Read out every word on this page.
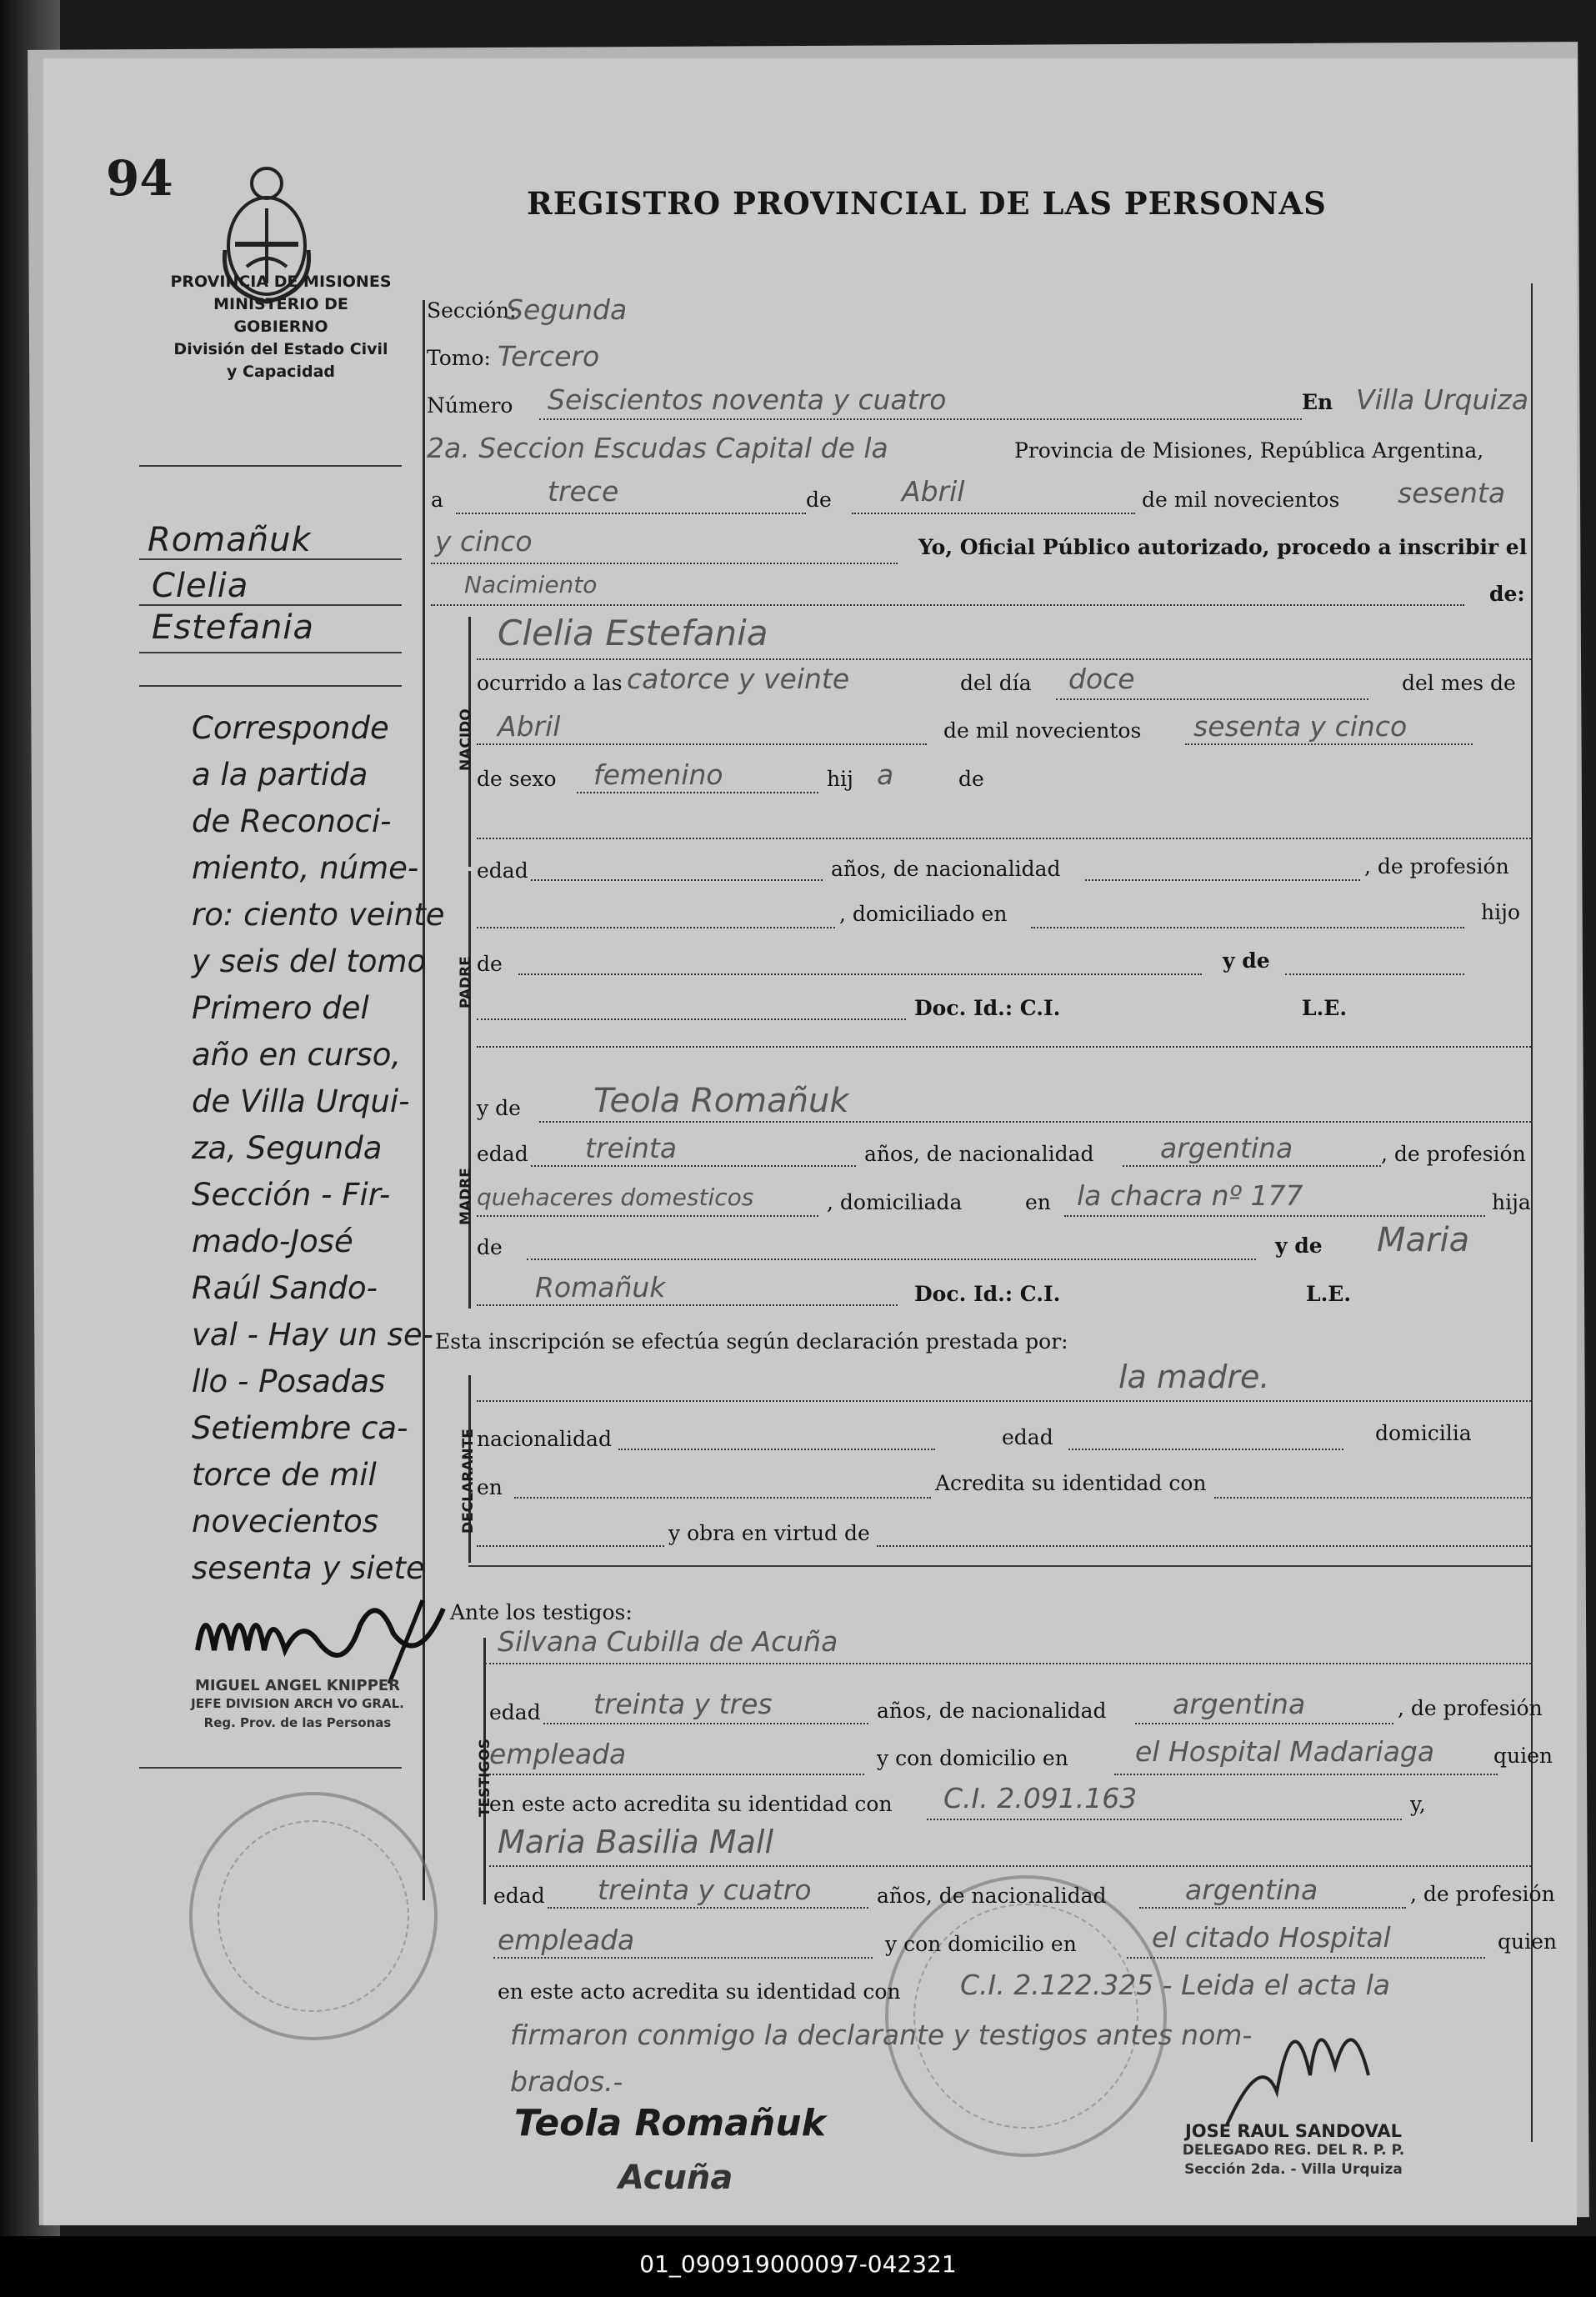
94	REGISTRO PROVINCIAL DE LAS PERSONAS
PROVINCIA DE MISIONES
MINISTERIO DE GOBIERNO
División del Estado Civil
y Capacidad
Romañuk
Clelia
Estefania
Corresponde
a la partida
de Reconoci-
miento, núme-
ro: ciento veinte
y seis del tomo
Primero del
año en curso,
de Villa Urqui-
za, Segunda
Sección - Fir-
mado-José
Raúl Sando-
val - Hay un se-
llo - Posadas
Setiembre ca-
torce de mil
novecientos
sesenta y siete
MIGUEL ANGEL KNIPPER
JEFE DIVISION ARCH VO GRAL.
Reg. Prov. de las Personas
Sección:
Segunda
Tomo: Tercero
Número Seiscientos noventa y cuatro	En Villa Urquiza
2a. Seccion Escudas Capital de la	Provincia de Misiones, República Argentina,
a	trece	de	Abril	de mil novecientos sesenta
y cinco	Yo, Oficial Público autorizado, procedo a inscribir el
Nacimiento	de:
NACIDO
Clelia Estefania
ocurrido a las catorce y veinte	del día doce	del mes de
Abril	de mil novecientos sesenta y cinco
de sexo femenino	hij a	de
PADRE
edad	años, de nacionalidad	, de profesión
, domiciliado en	hijo
de	y de
Doc. Id.: C.I.	L.E.
MADRE
y de Teola Romañuk
edad treinta	años, de nacionalidad argentina	, de profesión
quehaceres domesticos	, domiciliada	en la chacra nº 177	hija
de	y de Maria
Romañuk	Doc. Id.: C.I.	L.E.
Esta inscripción se efectúa según declaración prestada por:
la madre.
DECLARANTE nacionalidad	edad	domicilia
en	Acredita su identidad con
y obra en virtud de
Ante los testigos:
TESTIGOS
Silvana Cubilla de Acuña
edad treinta y tres	años, de nacionalidad argentina	, de profesión
empleada	y con domicilio en el Hospital Madariaga	quien
en este acto acredita su identidad con C.I. 2.091.163	y,
Maria Basilia Mall
edad treinta y cuatro	años, de nacionalidad	argentina	, de profesión
empleada	y con domicilio en	el citado Hospital	quien
en este acto acredita su identidad con C.I. 2.122.325 - Leida el acta la
firmaron conmigo la declarante y testigos antes nom-
brados.-
Teola Romañuk
Acuña
JOSE RAUL SANDOVAL
DELEGADO REG. DEL R. P. P.
Sección 2da. - Villa Urquiza
01_090919000097-042321
